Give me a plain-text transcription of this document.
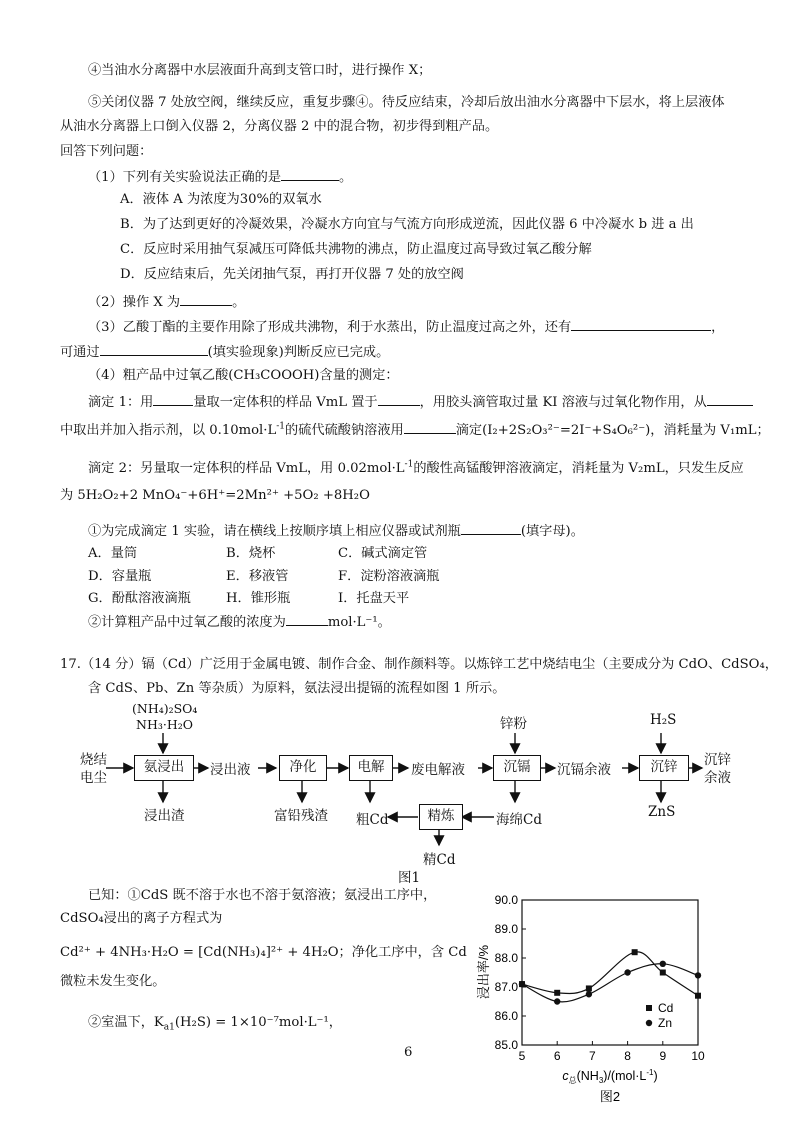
④当油水分离器中水层液面升高到支管口时，进行操作 X；
⑤关闭仪器 7 处放空阀，继续反应，重复步骤④。待反应结束，冷却后放出油水分离器中下层水，将上层液体
从油水分离器上口倒入仪器 2，分离仪器 2 中的混合物，初步得到粗产品。
回答下列问题：
（1）下列有关实验说法正确的是	。
A．液体 A 为浓度为30%的双氧水
B．为了达到更好的冷凝效果，冷凝水方向宜与气流方向形成逆流，因此仪器 6 中冷凝水 b 进 a 出
C．反应时采用抽气泵减压可降低共沸物的沸点，防止温度过高导致过氧乙酸分解
D．反应结束后，先关闭抽气泵，再打开仪器 7 处的放空阀
（2）操作 X 为	。
（3）乙酸丁酯的主要作用除了形成共沸物，利于水蒸出，防止温度过高之外，还有	，
可通过	(填实验现象)判断反应已完成。
（4）粗产品中过氧乙酸(CH₃COOOH)含量的测定：
滴定 1：用	量取一定体积的样品 VmL 置于	，用胶头滴管取过量 KI 溶液与过氧化物作用，从
中取出并加入指示剂，以 $0.10mol\cdot L^{-1}$的硫代硫酸钠溶液用	滴定(I₂+2S₂O₃²⁻=2I⁻+S₄O₆²⁻)，消耗量为 V₁mL；
滴定 2：另量取一定体积的样品 VmL，用 $0.02mol\cdot L^{-1}$的酸性高锰酸钾溶液滴定，消耗量为 V₂mL，只发生反应
为 5H₂O₂+2 MnO₄⁻+6H⁺=2Mn²⁺ +5O₂ +8H₂O
①为完成滴定 1 实验，请在横线上按顺序填上相应仪器或试剂瓶	(填字母)。
A．量筒	B．烧杯	C．碱式滴定管
D．容量瓶	E．移液管	F．淀粉溶液滴瓶
G．酚酞溶液滴瓶	H．锥形瓶	I．托盘天平
②计算粗产品中过氧乙酸的浓度为	mol·L⁻¹。
17.（14 分）镉（Cd）广泛用于金属电镀、制作合金、制作颜料等。以炼锌工艺中烧结电尘（主要成分为 CdO、CdSO₄，
含 CdS、Pb、Zn 等杂质）为原料，氨法浸出提镉的流程如图 1 所示。
(NH₄)₂SO₄
NH₃·H₂O
烧结
电尘
氨浸出	浸出液	净化	电解	废电解液
锌粉
沉镉	沉镉余液
H₂S
沉锌	沉锌
余液
浸出渣	富铅残渣 粗Cd	精炼	海绵Cd	ZnS
精Cd
图1
已知：①CdS 既不溶于水也不溶于氨溶液；氨浸出工序中，
CdSO₄浸出的离子方程式为
Cd²⁺ + 4NH₃·H₂O = [Cd(NH₃)₄]²⁺ + 4H₂O；净化工序中，含 Cd
微粒未发生变化。
②室温下，$K_{a1}(H_2S) = 1\times 10^{-7}mol\cdot L^{-1}$，
6	5 6 7 8 9 10
85.0
86.0
87.0
88.0
89.0
90.0
浸出率/%
$c_总(NH_3)/(mol\cdot L^{-1})$
图2
Cd
Zn
